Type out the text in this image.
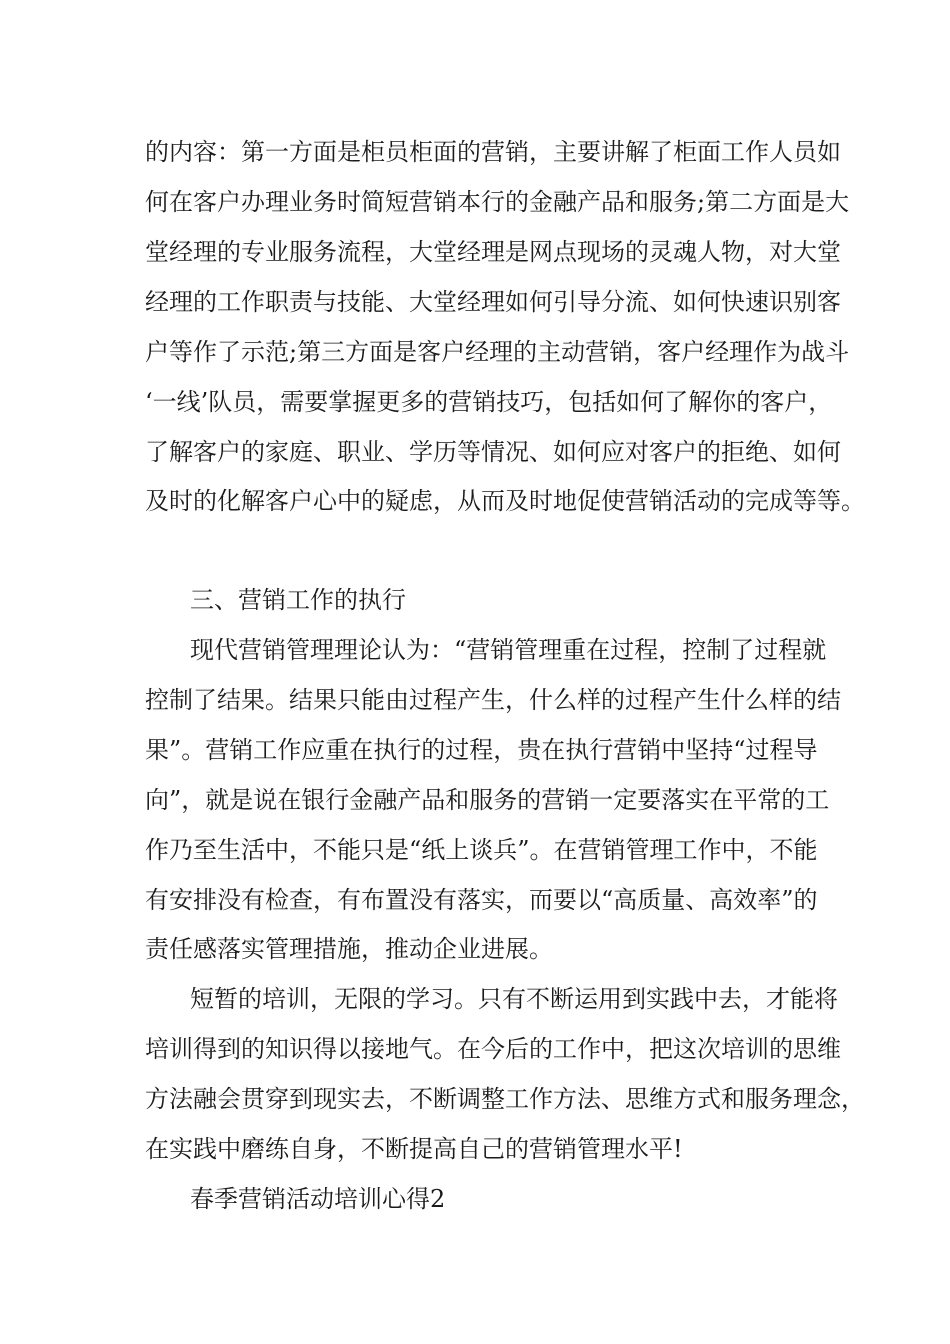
的内容：第一方面是柜员柜面的营销，主要讲解了柜面工作人员如

何在客户办理业务时简短营销本行的金融产品和服务;第二方面是大

堂经理的专业服务流程，大堂经理是网点现场的灵魂人物，对大堂

经理的工作职责与技能、大堂经理如何引导分流、如何快速识别客

户等作了示范;第三方面是客户经理的主动营销，客户经理作为战斗

‘一线’队员，需要掌握更多的营销技巧，包括如何了解你的客户，

了解客户的家庭、职业、学历等情况、如何应对客户的拒绝、如何

及时的化解客户心中的疑虑，从而及时地促使营销活动的完成等等。

三、营销工作的执行

现代营销管理理论认为：“营销管理重在过程，控制了过程就

控制了结果。结果只能由过程产生，什么样的过程产生什么样的结

果”。营销工作应重在执行的过程，贵在执行营销中坚持“过程导

向”，就是说在银行金融产品和服务的营销一定要落实在平常的工

作乃至生活中，不能只是“纸上谈兵”。在营销管理工作中，不能

有安排没有检查，有布置没有落实，而要以“高质量、高效率”的

责任感落实管理措施，推动企业进展。

短暂的培训，无限的学习。只有不断运用到实践中去，才能将

培训得到的知识得以接地气。在今后的工作中，把这次培训的思维

方法融会贯穿到现实去，不断调整工作方法、思维方式和服务理念，

在实践中磨练自身，不断提高自己的营销管理水平!

春季营销活动培训心得2
